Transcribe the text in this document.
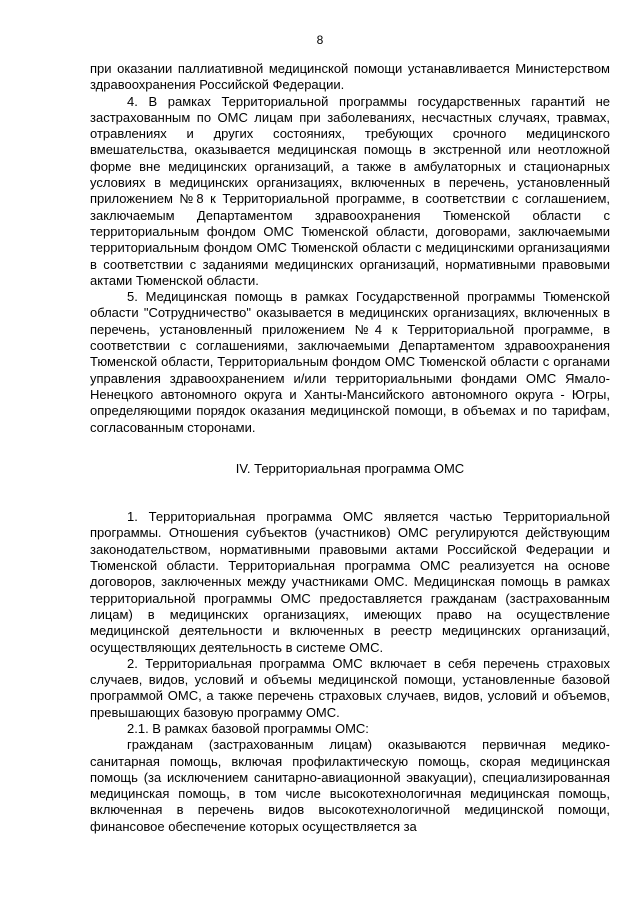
8

при оказании паллиативной медицинской помощи устанавливается Министерством здравоохранения Российской Федерации.

4. В рамках Территориальной программы государственных гарантий не застрахованным по ОМС лицам при заболеваниях, несчастных случаях, травмах, отравлениях и других состояниях, требующих срочного медицинского вмешательства, оказывается медицинская помощь в экстренной или неотложной форме вне медицинских организаций, а также в амбулаторных и стационарных условиях в медицинских организациях, включенных в перечень, установленный приложением №8 к Территориальной программе, в соответствии с соглашением, заключаемым Департаментом здравоохранения Тюменской области с территориальным фондом ОМС Тюменской области, договорами, заключаемыми территориальным фондом ОМС Тюменской области с медицинскими организациями в соответствии с заданиями медицинских организаций, нормативными правовыми актами Тюменской области.

5. Медицинская помощь в рамках Государственной программы Тюменской области "Сотрудничество" оказывается в медицинских организациях, включенных в перечень, установленный приложением №4 к Территориальной программе, в соответствии с соглашениями, заключаемыми Департаментом здравоохранения Тюменской области, Территориальным фондом ОМС Тюменской области с органами управления здравоохранением и/или территориальными фондами ОМС Ямало-Ненецкого автономного округа и Ханты-Мансийского автономного округа - Югры, определяющими порядок оказания медицинской помощи, в объемах и по тарифам, согласованным сторонами.

IV. Территориальная программа ОМС

1. Территориальная программа ОМС является частью Территориальной программы. Отношения субъектов (участников) ОМС регулируются действующим законодательством, нормативными правовыми актами Российской Федерации и Тюменской области. Территориальная программа ОМС реализуется на основе договоров, заключенных между участниками ОМС. Медицинская помощь в рамках территориальной программы ОМС предоставляется гражданам (застрахованным лицам) в медицинских организациях, имеющих право на осуществление медицинской деятельности и включенных в реестр медицинских организаций, осуществляющих деятельность в системе ОМС.

2. Территориальная программа ОМС включает в себя перечень страховых случаев, видов, условий и объемы медицинской помощи, установленные базовой программой ОМС, а также перечень страховых случаев, видов, условий и объемов, превышающих базовую программу ОМС.

2.1. В рамках базовой программы ОМС:

гражданам (застрахованным лицам) оказываются первичная медико-санитарная помощь, включая профилактическую помощь, скорая медицинская помощь (за исключением санитарно-авиационной эвакуации), специализированная медицинская помощь, в том числе высокотехнологичная медицинская помощь, включенная в перечень видов высокотехнологичной медицинской помощи, финансовое обеспечение которых осуществляется за
